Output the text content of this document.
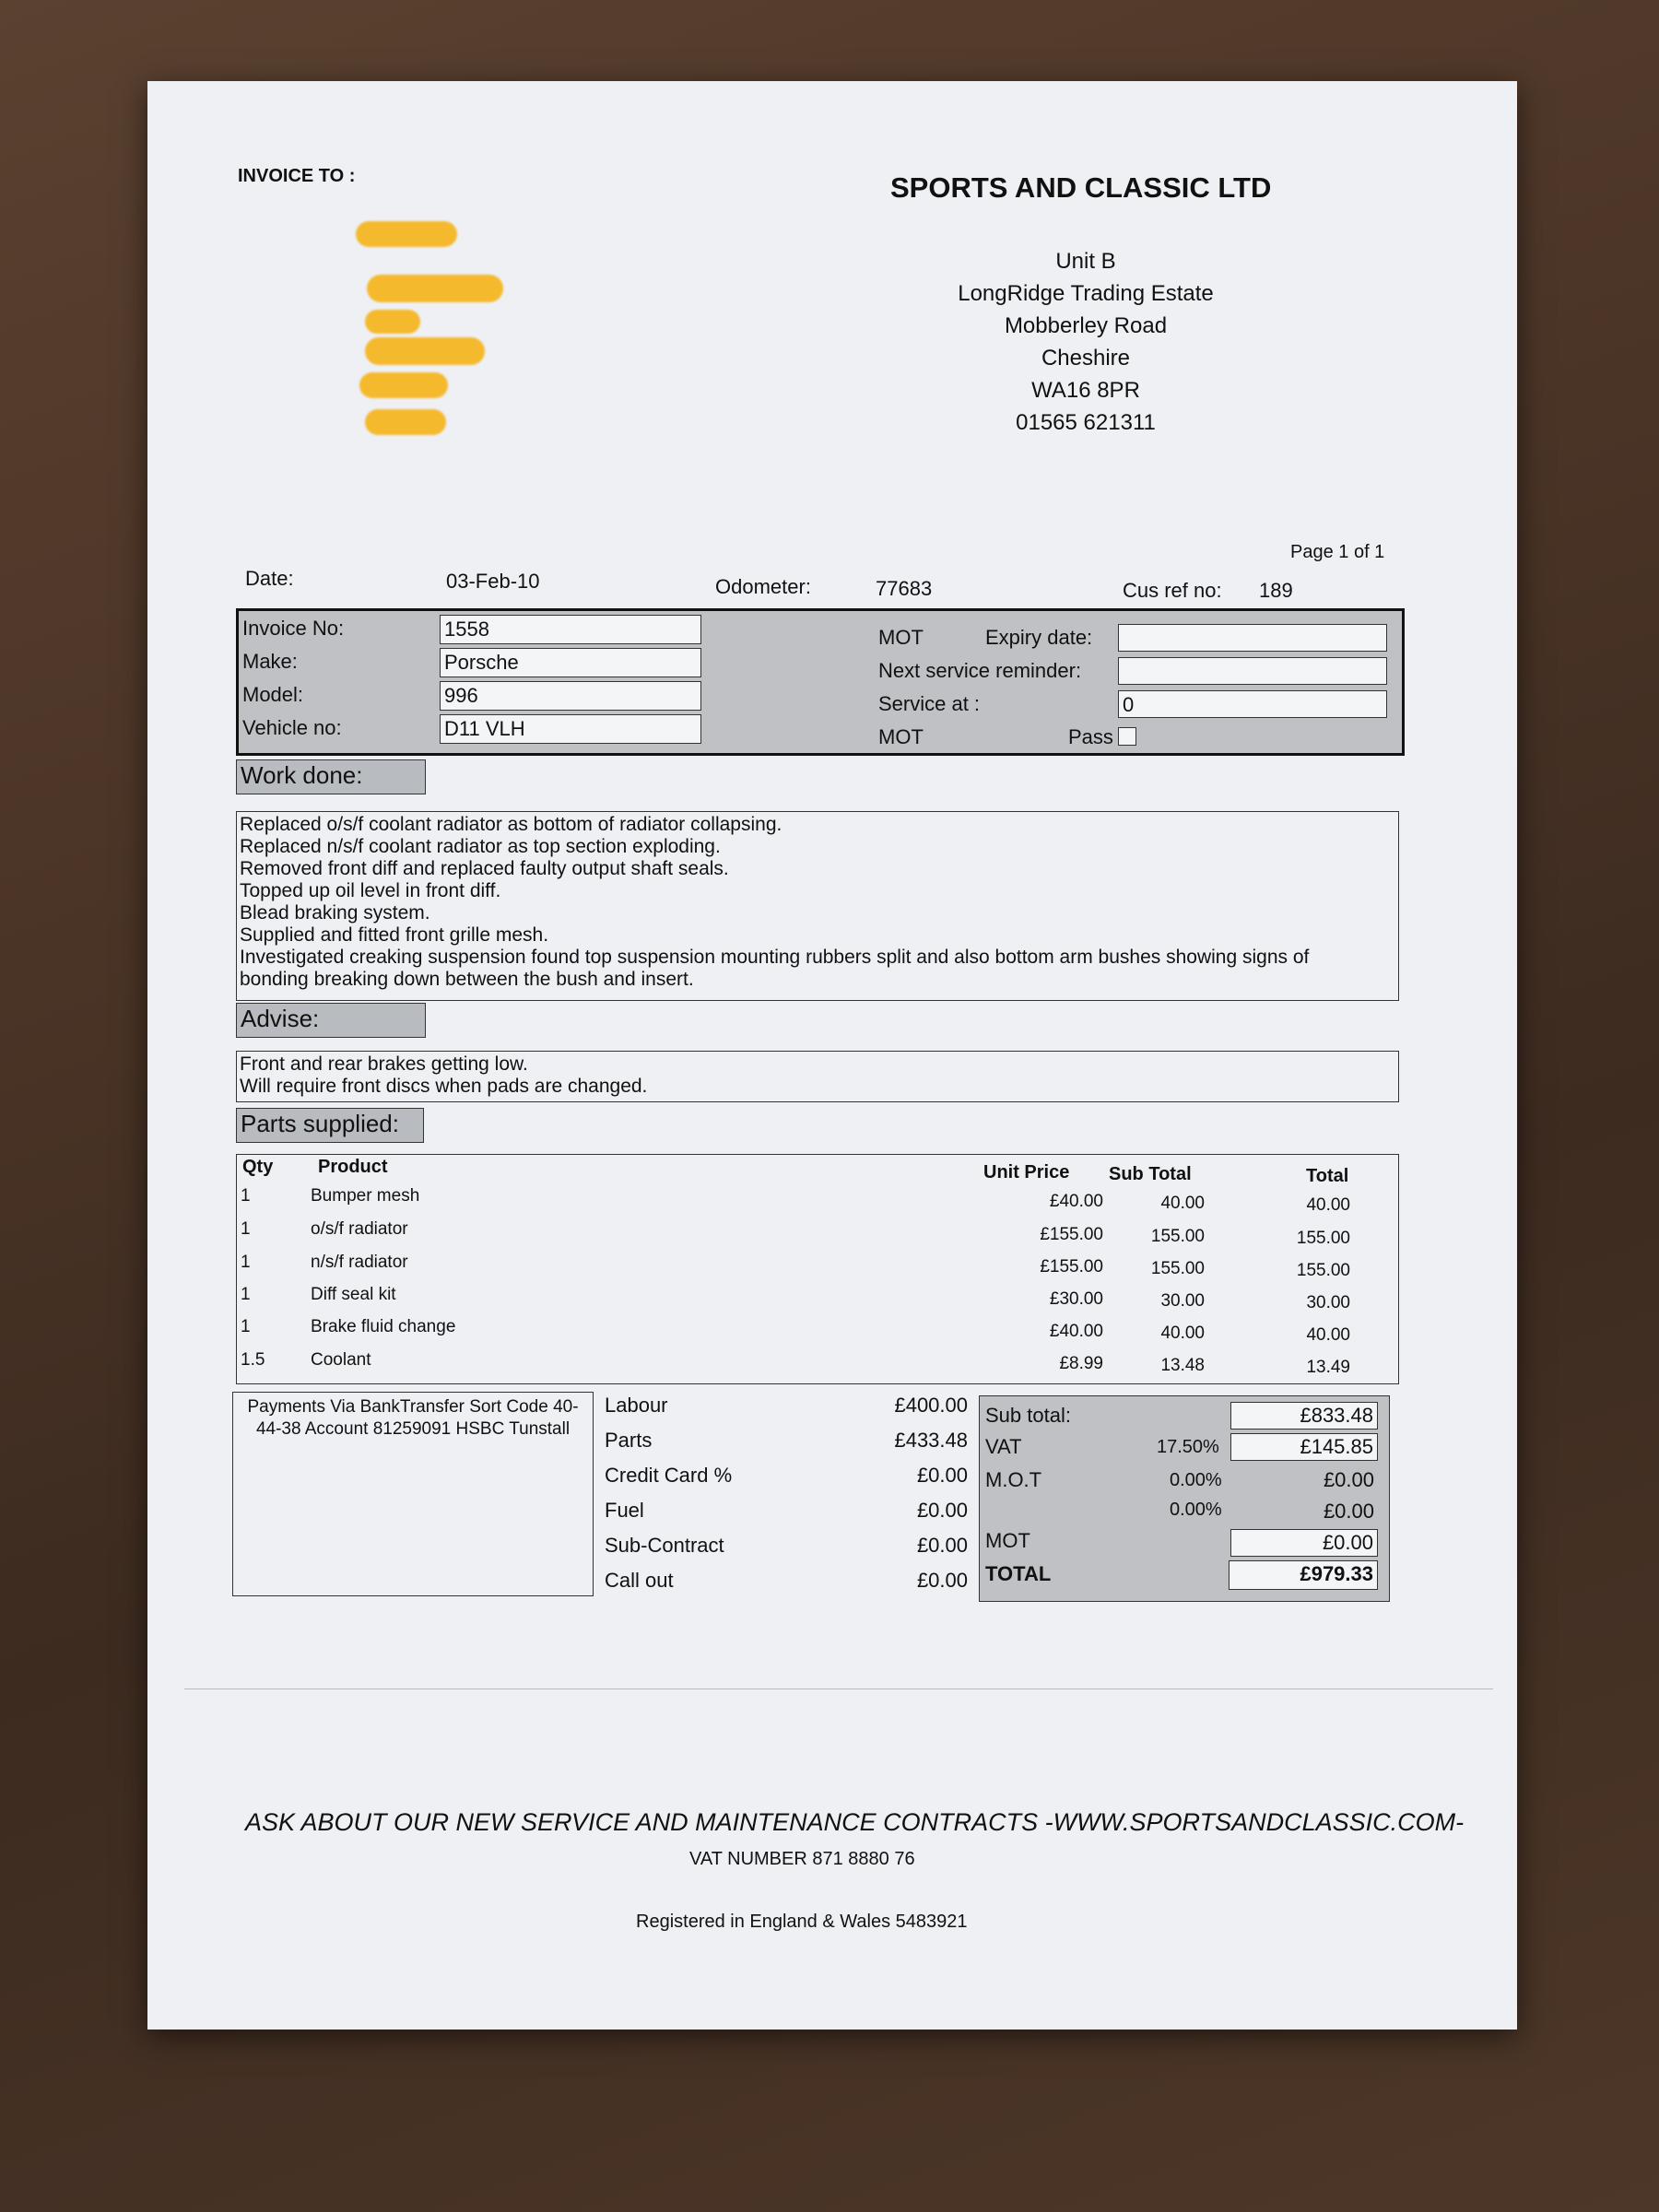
INVOICE TO :	SPORTS AND CLASSIC LTD
Unit B
LongRidge Trading Estate
Mobberley Road
Cheshire
WA16 8PR
01565 621311
Page 1 of 1
Date:	03-Feb-10	Odometer:	77683	Cus ref no: 189
Invoice No:	1558
Make:	Porsche
Model:	996
Vehicle no:	D11 VLH
MOT	Expiry date:
Next service reminder:
Service at :	0
MOT	Pass
Work done:
Replaced o/s/f coolant radiator as bottom of radiator collapsing.
Replaced n/s/f coolant radiator as top section exploding.
Removed front diff and replaced faulty output shaft seals.
Topped up oil level in front diff.
Blead braking system.
Supplied and fitted front grille mesh.
Investigated creaking suspension found top suspension mounting rubbers split and also bottom arm bushes showing signs of
bonding breaking down between the bush and insert.
Advise:
Front and rear brakes getting low.
Will require front discs when pads are changed.
Parts supplied:
Qty Product	Unit Price Sub Total	Total
1	Bumper mesh	£40.00	40.00	40.00
1	o/s/f radiator	£155.00	155.00	155.00
1	n/s/f radiator	£155.00	155.00	155.00
1	Diff seal kit	£30.00	30.00	30.00
1	Brake fluid change	£40.00	40.00	40.00
1.5	Coolant	£8.99	13.48	13.49
Payments Via BankTransfer Sort Code 40-
44-38 Account 81259091 HSBC Tunstall
Labour	£400.00
Parts	£433.48
Credit Card %	£0.00
Fuel	£0.00
Sub-Contract	£0.00
Call out	£0.00
Sub total:	£833.48
VAT	17.50%	£145.85
M.O.T	0.00%	£0.00
0.00%	£0.00
MOT	£0.00
TOTAL	£979.33
ASK ABOUT OUR NEW SERVICE AND MAINTENANCE CONTRACTS -WWW.SPORTSANDCLASSIC.COM-
VAT NUMBER 871 8880 76
Registered in England & Wales 5483921
